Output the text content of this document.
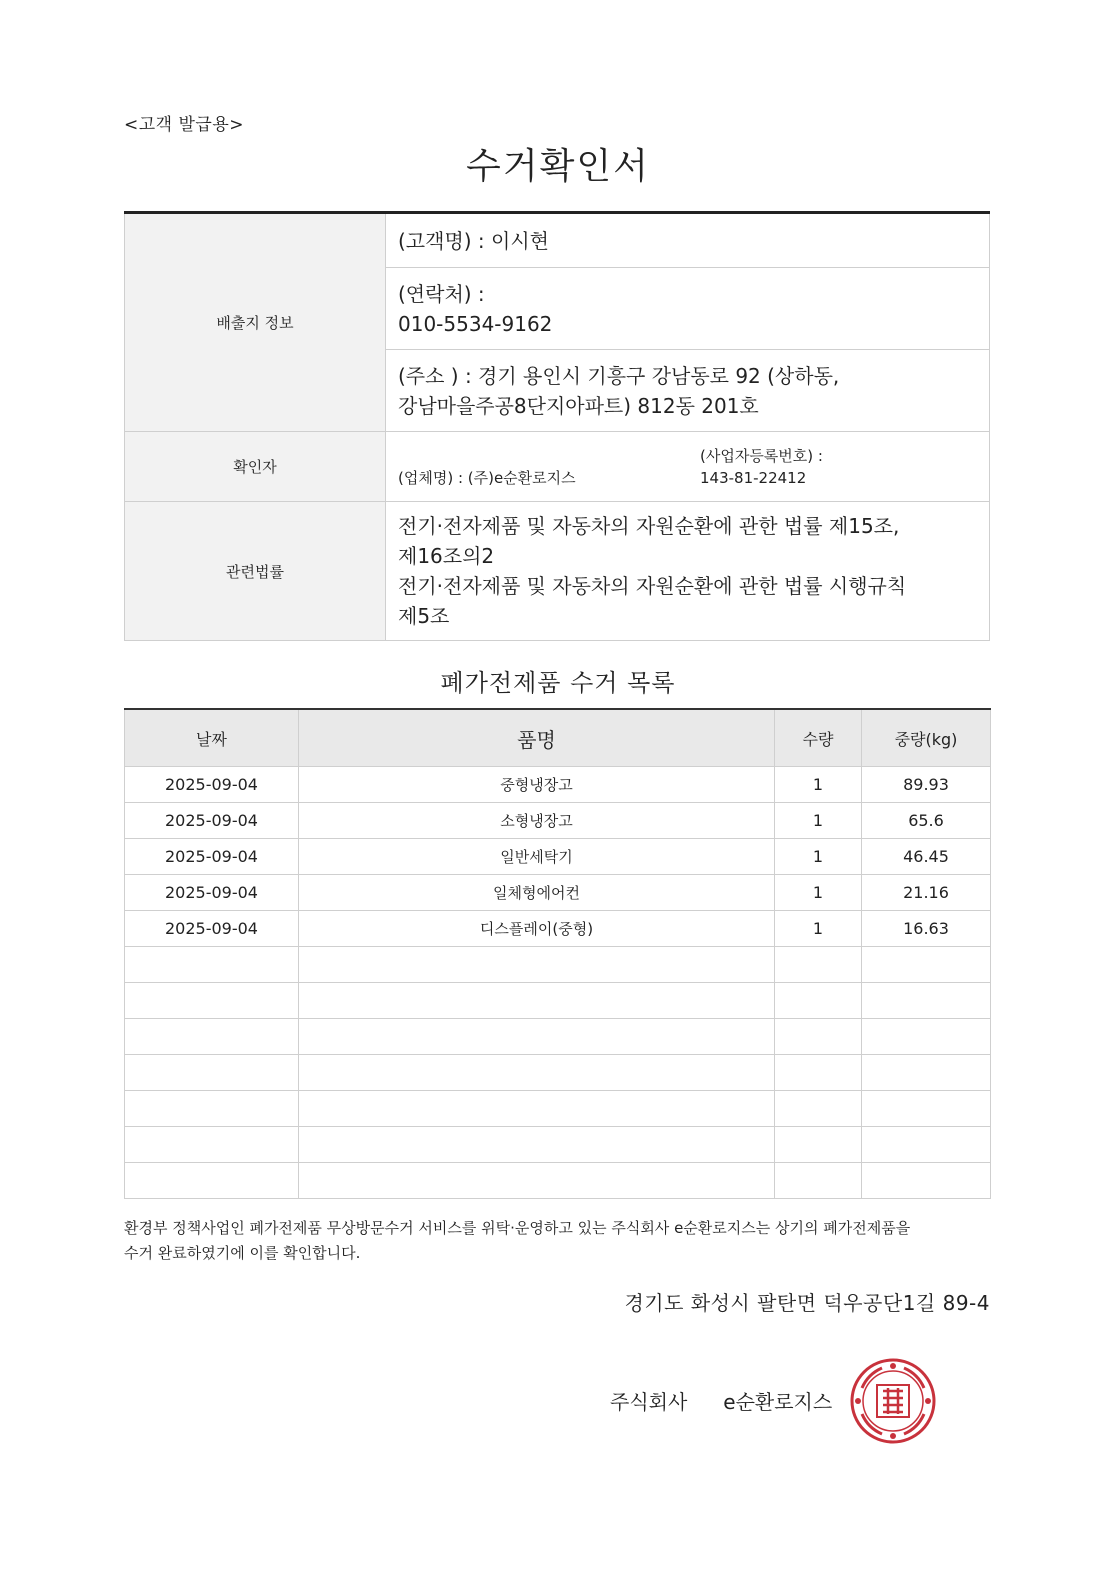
<고객 발급용>
수거확인서
배출지 정보	(고객명) : 이시현

	(연락처) :
010-5534-9162

	(주소 ) : 경기 용인시 기흥구 강남동로 92 (상하동,
강남마을주공8단지아파트) 812동 201호

확인자	(업체명) : (주)e순환로지스
(사업자등록번호) :
143-81-22412

관련법률	전기·전자제품 및 자동차의 자원순환에 관한 법률 제15조,
제16조의2
전기·전자제품 및 자동차의 자원순환에 관한 법률 시행규칙
제5조
폐가전제품 수거 목록
날짜	품명	수량	중량(kg)
2025-09-04	중형냉장고	1	89.93
2025-09-04	소형냉장고	1	65.6
2025-09-04	일반세탁기	1	46.45
2025-09-04	일체형에어컨	1	21.16
2025-09-04	디스플레이(중형)	1	16.63

환경부 정책사업인 폐가전제품 무상방문수거 서비스를 위탁·운영하고 있는 주식회사 e순환로지스는 상기의 폐가전제품을
수거 완료하였기에 이를 확인합니다.
경기도 화성시 팔탄면 덕우공단1길 89-4
주식회사 e순환로지스
